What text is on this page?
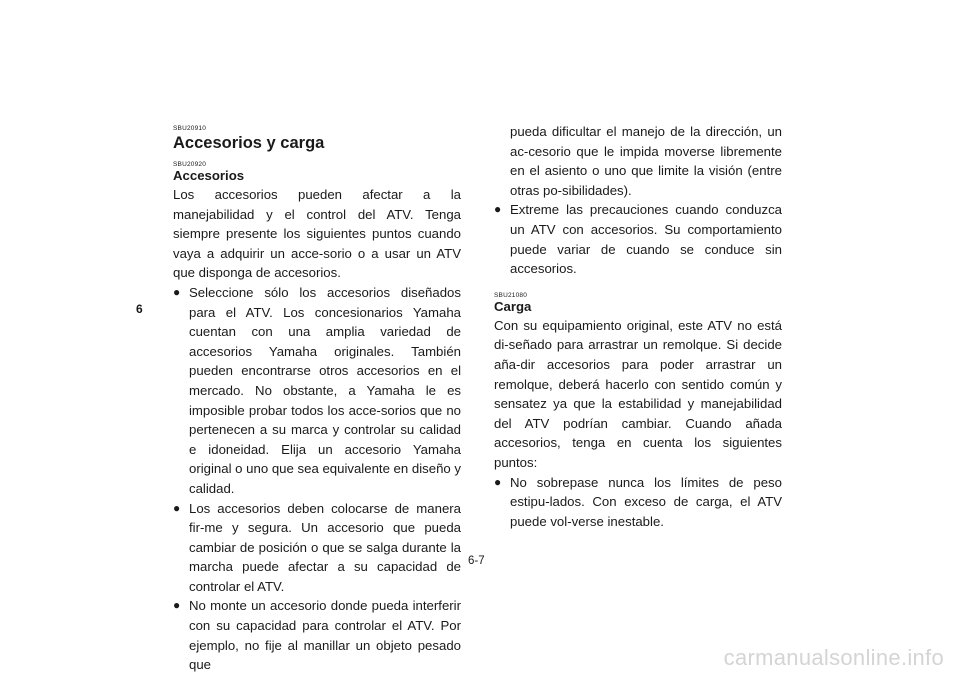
6
SBU20910
Accesorios y carga
SBU20920
Accesorios

Los accesorios pueden afectar a la manejabilidad y el control del ATV. Tenga siempre presente los siguientes puntos cuando vaya a adquirir un acce-sorio o a usar un ATV que disponga de accesorios.

● Seleccione sólo los accesorios diseñados para el ATV. Los concesionarios Yamaha cuentan con una amplia variedad de accesorios Yamaha originales. También pueden encontrarse otros accesorios en el mercado. No obstante, a Yamaha le es imposible probar todos los acce-sorios que no pertenecen a su marca y controlar su calidad e idoneidad. Elija un accesorio Yamaha original o uno que sea equivalente en diseño y calidad.
● Los accesorios deben colocarse de manera fir-me y segura. Un accesorio que pueda cambiar de posición o que se salga durante la marcha puede afectar a su capacidad de controlar el ATV.
● No monte un accesorio donde pueda interferir con su capacidad para controlar el ATV. Por ejemplo, no fije al manillar un objeto pesado que
pueda dificultar el manejo de la dirección, un ac-cesorio que le impida moverse libremente en el asiento o uno que limite la visión (entre otras po-sibilidades).
● Extreme las precauciones cuando conduzca un ATV con accesorios. Su comportamiento puede variar de cuando se conduce sin accesorios.
SBU21080
Carga

Con su equipamiento original, este ATV no está di-señado para arrastrar un remolque. Si decide aña-dir accesorios para poder arrastrar un remolque, deberá hacerlo con sentido común y sensatez ya que la estabilidad y manejabilidad del ATV podrían cambiar. Cuando añada accesorios, tenga en cuenta los siguientes puntos:

● No sobrepase nunca los límites de peso estipu-lados. Con exceso de carga, el ATV puede vol-verse inestable.
6-7
carmanualsonline.info
